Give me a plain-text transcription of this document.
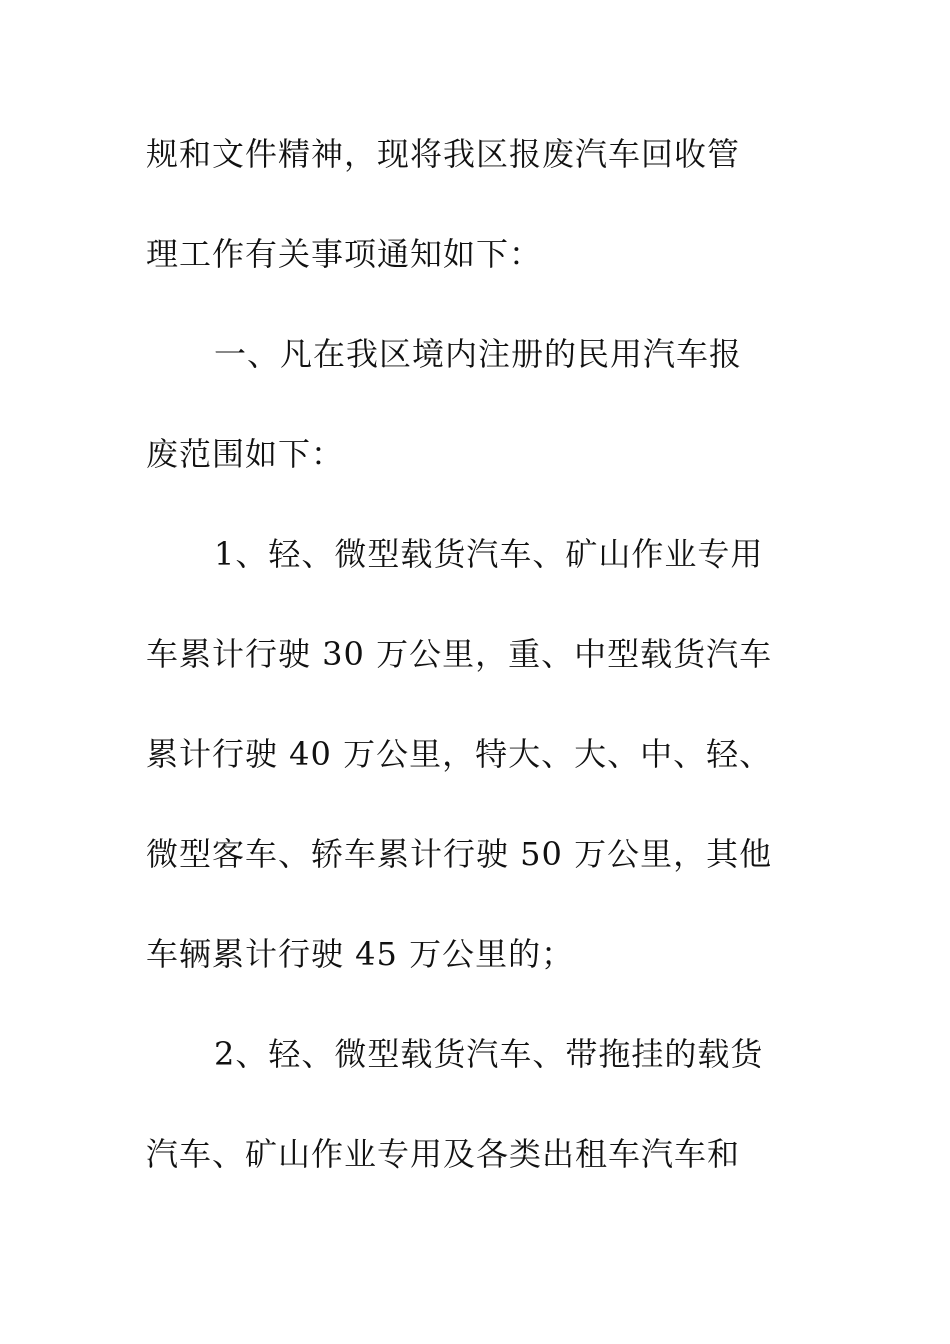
规和文件精神，现将我区报废汽车回收管
理工作有关事项通知如下：
一、凡在我区境内注册的民用汽车报
废范围如下：
1、轻、微型载货汽车、矿山作业专用
车累计行驶 30 万公里，重、中型载货汽车
累计行驶 40 万公里，特大、大、中、轻、
微型客车、轿车累计行驶 50 万公里，其他
车辆累计行驶 45 万公里的；
2、轻、微型载货汽车、带拖挂的载货
汽车、矿山作业专用及各类出租车汽车和
